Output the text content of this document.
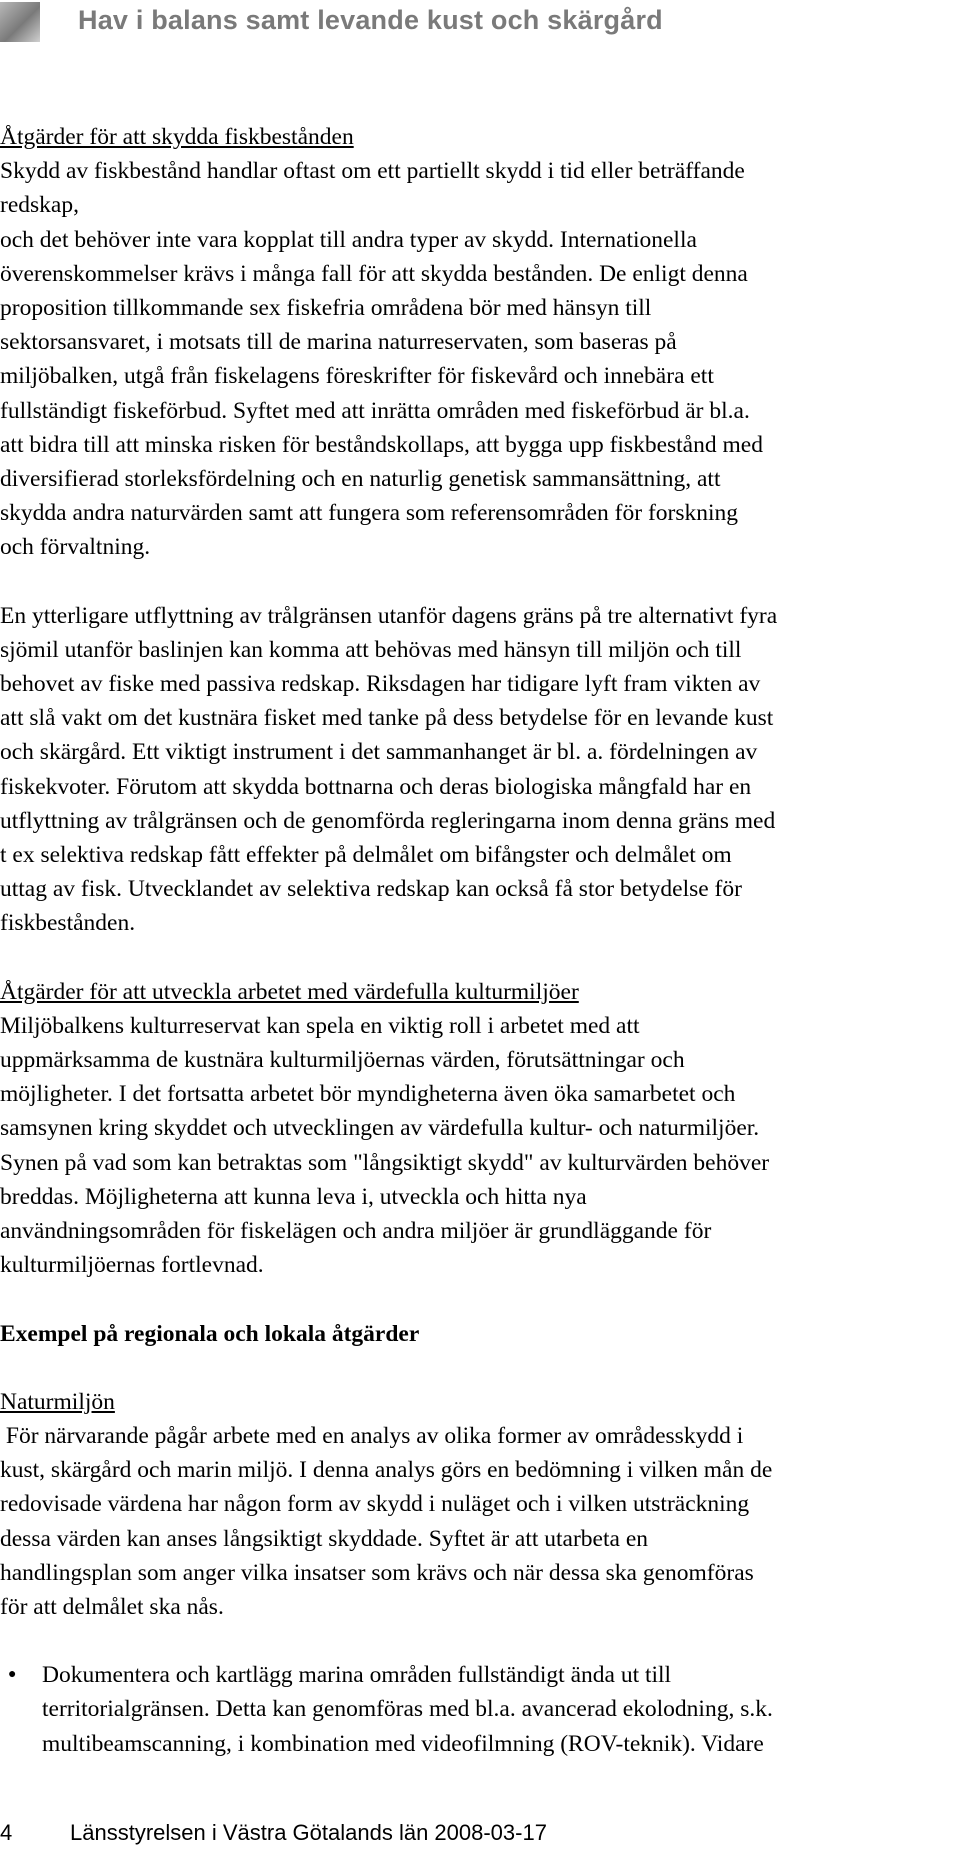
Hav i balans samt levande kust och skärgård

Åtgärder för att skydda fiskbestånden

Skydd av fiskbestånd handlar oftast om ett partiellt skydd i tid eller beträffande

redskap,

och det behöver inte vara kopplat till andra typer av skydd. Internationella

överenskommelser krävs i många fall för att skydda bestånden. De enligt denna

proposition tillkommande sex fiskefria områdena bör med hänsyn till

sektorsansvaret, i motsats till de marina naturreservaten, som baseras på

miljöbalken, utgå från fiskelagens föreskrifter för fiskevård och innebära ett

fullständigt fiskeförbud. Syftet med att inrätta områden med fiskeförbud är bl.a.

att bidra till att minska risken för beståndskollaps, att bygga upp fiskbestånd med

diversifierad storleksfördelning och en naturlig genetisk sammansättning, att

skydda andra naturvärden samt att fungera som referensområden för forskning

och förvaltning.

En ytterligare utflyttning av trålgränsen utanför dagens gräns på tre alternativt fyra

sjömil utanför baslinjen kan komma att behövas med hänsyn till miljön och till

behovet av fiske med passiva redskap. Riksdagen har tidigare lyft fram vikten av

att slå vakt om det kustnära fisket med tanke på dess betydelse för en levande kust

och skärgård. Ett viktigt instrument i det sammanhanget är bl. a. fördelningen av

fiskekvoter. Förutom att skydda bottnarna och deras biologiska mångfald har en

utflyttning av trålgränsen och de genomförda regleringarna inom denna gräns med

t ex selektiva redskap fått effekter på delmålet om bifångster och delmålet om

uttag av fisk. Utvecklandet av selektiva redskap kan också få stor betydelse för

fiskbestånden.

Åtgärder för att utveckla arbetet med värdefulla kulturmiljöer

Miljöbalkens kulturreservat kan spela en viktig roll i arbetet med att

uppmärksamma de kustnära kulturmiljöernas värden, förutsättningar och

möjligheter. I det fortsatta arbetet bör myndigheterna även öka samarbetet och

samsynen kring skyddet och utvecklingen av värdefulla kultur- och naturmiljöer.

Synen på vad som kan betraktas som "långsiktigt skydd" av kulturvärden behöver

breddas. Möjligheterna att kunna leva i, utveckla och hitta nya

användningsområden för fiskelägen och andra miljöer är grundläggande för

kulturmiljöernas fortlevnad.

Exempel på regionala och lokala åtgärder

Naturmiljön

För närvarande pågår arbete med en analys av olika former av områdesskydd i

kust, skärgård och marin miljö. I denna analys görs en bedömning i vilken mån de

redovisade värdena har någon form av skydd i nuläget och i vilken utsträckning

dessa värden kan anses långsiktigt skyddade. Syftet är att utarbeta en

handlingsplan som anger vilka insatser som krävs och när dessa ska genomföras

för att delmålet ska nås.

●	Dokumentera och kartlägg marina områden fullständigt ända ut till

territorialgränsen. Detta kan genomföras med bl.a. avancerad ekolodning, s.k.

multibeamscanning, i kombination med videofilmning (ROV-teknik). Vidare

4	Länsstyrelsen i Västra Götalands län 2008-03-17
